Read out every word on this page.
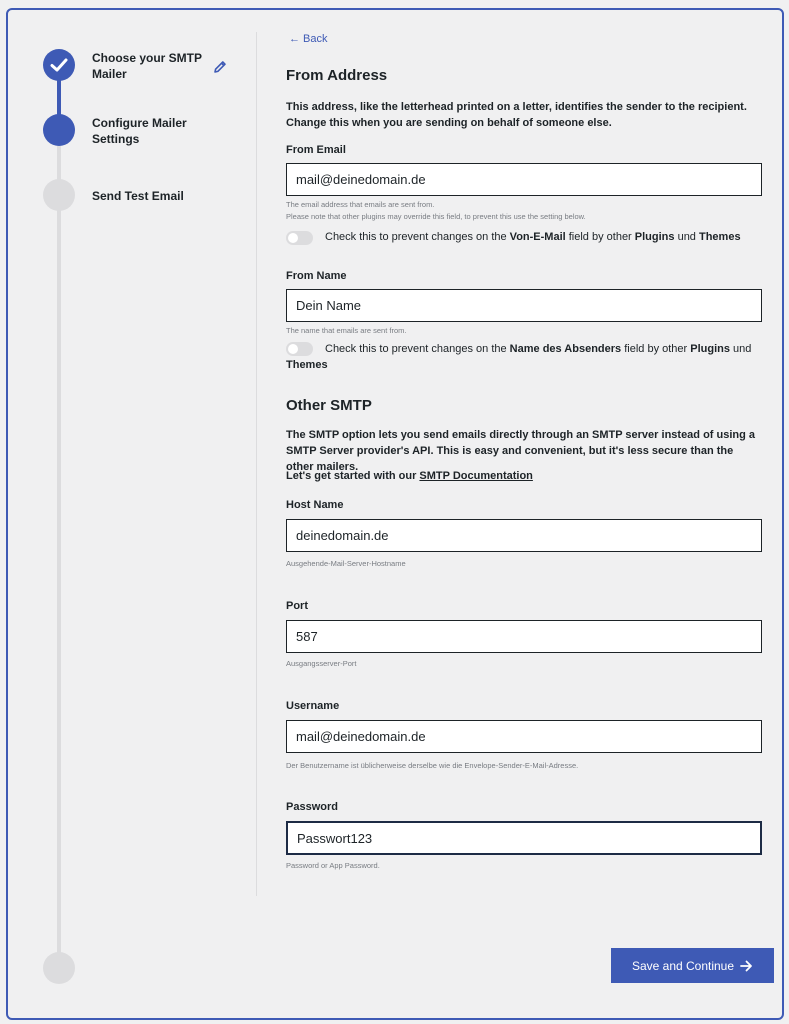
Choose your SMTP Mailer
Configure Mailer Settings
Send Test Email
← Back
From Address
This address, like the letterhead printed on a letter, identifies the sender to the recipient. Change this when you are sending on behalf of someone else.
From Email
mail@deinedomain.de
The email address that emails are sent from.
Please note that other plugins may override this field, to prevent this use the setting below.
Check this to prevent changes on the Von-E-Mail field by other Plugins und Themes
From Name
Dein Name
The name that emails are sent from.
Check this to prevent changes on the Name des Absenders field by other Plugins und Themes
Other SMTP
The SMTP option lets you send emails directly through an SMTP server instead of using a SMTP Server provider's API. This is easy and convenient, but it's less secure than the other mailers.
Let's get started with our SMTP Documentation
Host Name
deinedomain.de
Ausgehende-Mail-Server-Hostname
Port
587
Ausgangsserver-Port
Username
mail@deinedomain.de
Der Benutzername ist üblicherweise derselbe wie die Envelope-Sender-E-Mail-Adresse.
Password
Passwort123
Password or App Password.
Save and Continue
